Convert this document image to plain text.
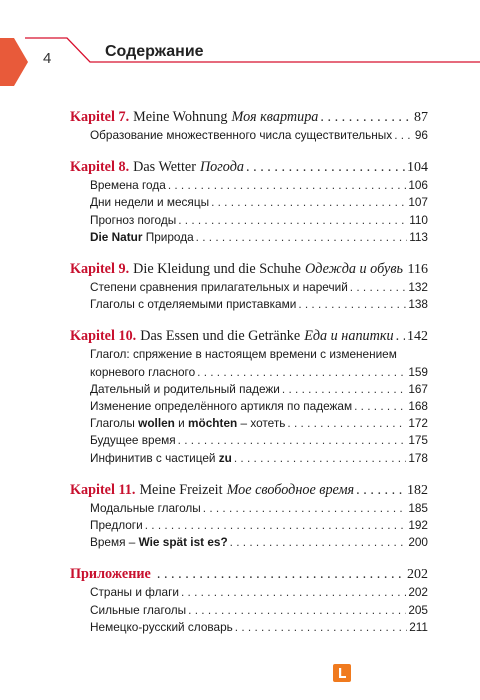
4	Содержание
Kapitel 7. Meine Wohnung Моя квартира . . .	87
Образование множественного числа существительных . . . 96
Kapitel 8. Das Wetter Погода . . .	104
Времена года . . .	106
Дни недели и месяцы . . .	107
Прогноз погоды . . .	110
Die Natur Природа . . .	113
Kapitel 9. Die Kleidung und die Schuhe Одежда и обувь . . . 116
Степени сравнения прилагательных и наречий . . .	132
Глаголы с отделяемыми приставками . . .	138
Kapitel 10. Das Essen und die Getränke Еда и напитки . . . 142
Глагол: спряжение в настоящем времени с изменением
корневого гласного . . .	159
Дательный и родительный падежи . . .	167
Изменение определённого артикля по падежам . . .	168
Глаголы wollen и möchten – хотеть . . .	172
Будущее время . . .	175
Инфинитив с частицей zu . . .	178
Kapitel 11. Meine Freizeit Мое свободное время . . .	182
Модальные глаголы . . .	185
Предлоги . . .	192
Время – Wie spät ist es? . . .	200
Приложение . . .	202
Страны и флаги . . .	202
Сильные глаголы . . .	205
Немецко-русский словарь . . .	211
